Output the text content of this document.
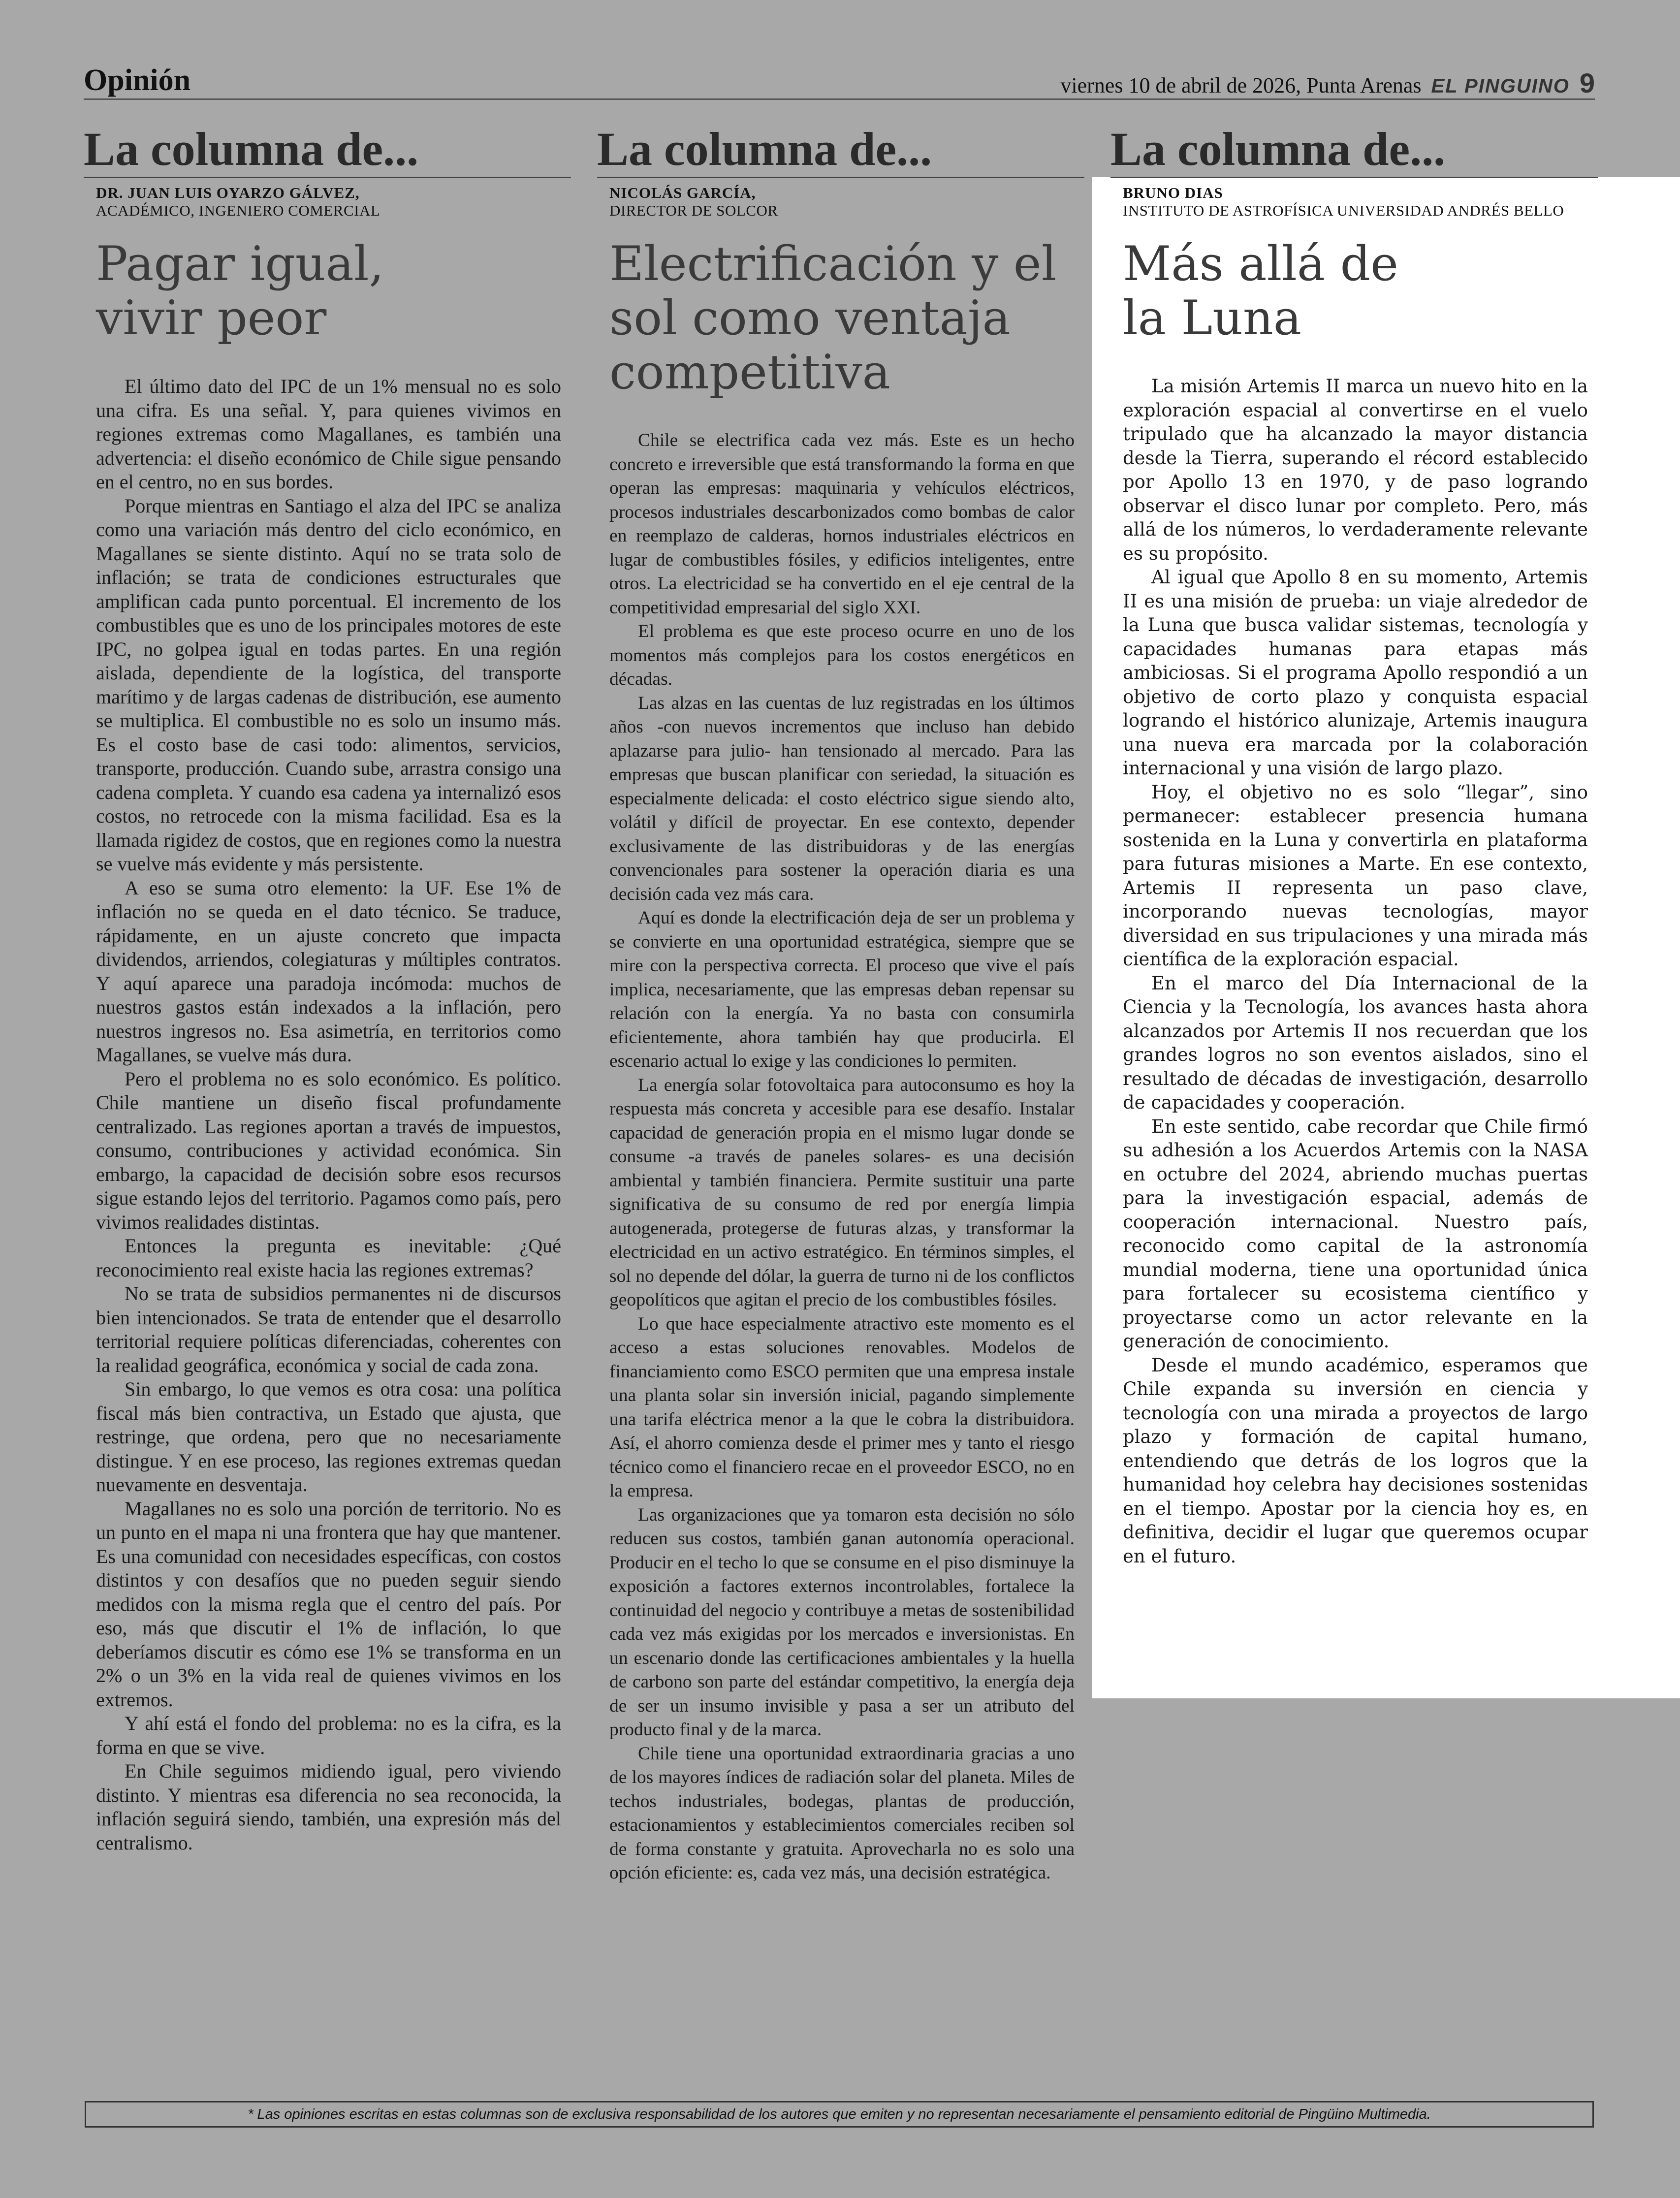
Opinión	viernes 10 de abril de 2026, Punta Arenas EL PINGUINO 9
La columna de...
DR. JUAN LUIS OYARZO GÁLVEZ,
ACADÉMICO, INGENIERO COMERCIAL
Pagar igual,
vivir peor

El último dato del IPC de un 1% mensual no es solo una cifra. Es una señal. Y, para quienes vivimos en regiones extremas como Magallanes, es también una advertencia: el diseño económico de Chile sigue pensando en el centro, no en sus bordes.

Porque mientras en Santiago el alza del IPC se analiza como una variación más dentro del ciclo económico, en Magallanes se siente distinto. Aquí no se trata solo de inflación; se trata de condiciones estructurales que amplifican cada punto porcentual. El incremento de los combustibles que es uno de los principales motores de este IPC, no golpea igual en todas partes. En una región aislada, dependiente de la logística, del transporte marítimo y de largas cadenas de distribución, ese aumento se multiplica. El combustible no es solo un insumo más. Es el costo base de casi todo: alimentos, servicios, transporte, producción. Cuando sube, arrastra consigo una cadena completa. Y cuando esa cadena ya internalizó esos costos, no retrocede con la misma facilidad. Esa es la llamada rigidez de costos, que en regiones como la nuestra se vuelve más evidente y más persistente.

A eso se suma otro elemento: la UF. Ese 1% de inflación no se queda en el dato técnico. Se traduce, rápidamente, en un ajuste concreto que impacta dividendos, arriendos, colegiaturas y múltiples contratos. Y aquí aparece una paradoja incómoda: muchos de nuestros gastos están indexados a la inflación, pero nuestros ingresos no. Esa asimetría, en territorios como Magallanes, se vuelve más dura.

Pero el problema no es solo económico. Es político. Chile mantiene un diseño fiscal profundamente centralizado. Las regiones aportan a través de impuestos, consumo, contribuciones y actividad económica. Sin embargo, la capacidad de decisión sobre esos recursos sigue estando lejos del territorio. Pagamos como país, pero vivimos realidades distintas.

Entonces la pregunta es inevitable: ¿Qué reconocimiento real existe hacia las regiones extremas?

No se trata de subsidios permanentes ni de discursos bien intencionados. Se trata de entender que el desarrollo territorial requiere políticas diferenciadas, coherentes con la realidad geográfica, económica y social de cada zona.

Sin embargo, lo que vemos es otra cosa: una política fiscal más bien contractiva, un Estado que ajusta, que restringe, que ordena, pero que no necesariamente distingue. Y en ese proceso, las regiones extremas quedan nuevamente en desventaja.

Magallanes no es solo una porción de territorio. No es un punto en el mapa ni una frontera que hay que mantener. Es una comunidad con necesidades específicas, con costos distintos y con desafíos que no pueden seguir siendo medidos con la misma regla que el centro del país. Por eso, más que discutir el 1% de inflación, lo que deberíamos discutir es cómo ese 1% se transforma en un 2% o un 3% en la vida real de quienes vivimos en los extremos.

Y ahí está el fondo del problema: no es la cifra, es la forma en que se vive.

En Chile seguimos midiendo igual, pero viviendo distinto. Y mientras esa diferencia no sea reconocida, la inflación seguirá siendo, también, una expresión más del centralismo.

La columna de...
NICOLÁS GARCÍA,
DIRECTOR DE SOLCOR
Electrificación y el
sol como ventaja
competitiva

Chile se electrifica cada vez más. Este es un hecho concreto e irreversible que está transformando la forma en que operan las empresas: maquinaria y vehículos eléctricos, procesos industriales descarbonizados como bombas de calor en reemplazo de calderas, hornos industriales eléctricos en lugar de combustibles fósiles, y edificios inteligentes, entre otros. La electricidad se ha convertido en el eje central de la competitividad empresarial del siglo XXI.

El problema es que este proceso ocurre en uno de los momentos más complejos para los costos energéticos en décadas.

Las alzas en las cuentas de luz registradas en los últimos años -con nuevos incrementos que incluso han debido aplazarse para julio- han tensionado al mercado. Para las empresas que buscan planificar con seriedad, la situación es especialmente delicada: el costo eléctrico sigue siendo alto, volátil y difícil de proyectar. En ese contexto, depender exclusivamente de las distribuidoras y de las energías convencionales para sostener la operación diaria es una decisión cada vez más cara.

Aquí es donde la electrificación deja de ser un problema y se convierte en una oportunidad estratégica, siempre que se mire con la perspectiva correcta. El proceso que vive el país implica, necesariamente, que las empresas deban repensar su relación con la energía. Ya no basta con consumirla eficientemente, ahora también hay que producirla. El escenario actual lo exige y las condiciones lo permiten.

La energía solar fotovoltaica para autoconsumo es hoy la respuesta más concreta y accesible para ese desafío. Instalar capacidad de generación propia en el mismo lugar donde se consume -a través de paneles solares- es una decisión ambiental y también financiera. Permite sustituir una parte significativa de su consumo de red por energía limpia autogenerada, protegerse de futuras alzas, y transformar la electricidad en un activo estratégico. En términos simples, el sol no depende del dólar, la guerra de turno ni de los conflictos geopolíticos que agitan el precio de los combustibles fósiles.

Lo que hace especialmente atractivo este momento es el acceso a estas soluciones renovables. Modelos de financiamiento como ESCO permiten que una empresa instale una planta solar sin inversión inicial, pagando simplemente una tarifa eléctrica menor a la que le cobra la distribuidora. Así, el ahorro comienza desde el primer mes y tanto el riesgo técnico como el financiero recae en el proveedor ESCO, no en la empresa.

Las organizaciones que ya tomaron esta decisión no sólo reducen sus costos, también ganan autonomía operacional. Producir en el techo lo que se consume en el piso disminuye la exposición a factores externos incontrolables, fortalece la continuidad del negocio y contribuye a metas de sostenibilidad cada vez más exigidas por los mercados e inversionistas. En un escenario donde las certificaciones ambientales y la huella de carbono son parte del estándar competitivo, la energía deja de ser un insumo invisible y pasa a ser un atributo del producto final y de la marca.

Chile tiene una oportunidad extraordinaria gracias a uno de los mayores índices de radiación solar del planeta. Miles de techos industriales, bodegas, plantas de producción, estacionamientos y establecimientos comerciales reciben sol de forma constante y gratuita. Aprovecharla no es solo una opción eficiente: es, cada vez más, una decisión estratégica.

La columna de...
BRUNO DIAS
INSTITUTO DE ASTROFÍSICA UNIVERSIDAD ANDRÉS BELLO
Más allá de
la Luna

La misión Artemis II marca un nuevo hito en la exploración espacial al convertirse en el vuelo tripulado que ha alcanzado la mayor distancia desde la Tierra, superando el récord establecido por Apollo 13 en 1970, y de paso logrando observar el disco lunar por completo. Pero, más allá de los números, lo verdaderamente relevante es su propósito.

Al igual que Apollo 8 en su momento, Artemis II es una misión de prueba: un viaje alrededor de la Luna que busca validar sistemas, tecnología y capacidades humanas para etapas más ambiciosas. Si el programa Apollo respondió a un objetivo de corto plazo y conquista espacial logrando el histórico alunizaje, Artemis inaugura una nueva era marcada por la colaboración internacional y una visión de largo plazo.

Hoy, el objetivo no es solo “llegar”, sino permanecer: establecer presencia humana sostenida en la Luna y convertirla en plataforma para futuras misiones a Marte. En ese contexto, Artemis II representa un paso clave, incorporando nuevas tecnologías, mayor diversidad en sus tripulaciones y una mirada más científica de la exploración espacial.

En el marco del Día Internacional de la Ciencia y la Tecnología, los avances hasta ahora alcanzados por Artemis II nos recuerdan que los grandes logros no son eventos aislados, sino el resultado de décadas de investigación, desarrollo de capacidades y cooperación.

En este sentido, cabe recordar que Chile firmó su adhesión a los Acuerdos Artemis con la NASA en octubre del 2024, abriendo muchas puertas para la investigación espacial, además de cooperación internacional. Nuestro país, reconocido como capital de la astronomía mundial moderna, tiene una oportunidad única para fortalecer su ecosistema científico y proyectarse como un actor relevante en la generación de conocimiento.

Desde el mundo académico, esperamos que Chile expanda su inversión en ciencia y tecnología con una mirada a proyectos de largo plazo y formación de capital humano, entendiendo que detrás de los logros que la humanidad hoy celebra hay decisiones sostenidas en el tiempo. Apostar por la ciencia hoy es, en definitiva, decidir el lugar que queremos ocupar en el futuro.

* Las opiniones escritas en estas columnas son de exclusiva responsabilidad de los autores que emiten y no representan necesariamente el pensamiento editorial de Pingüino Multimedia.
